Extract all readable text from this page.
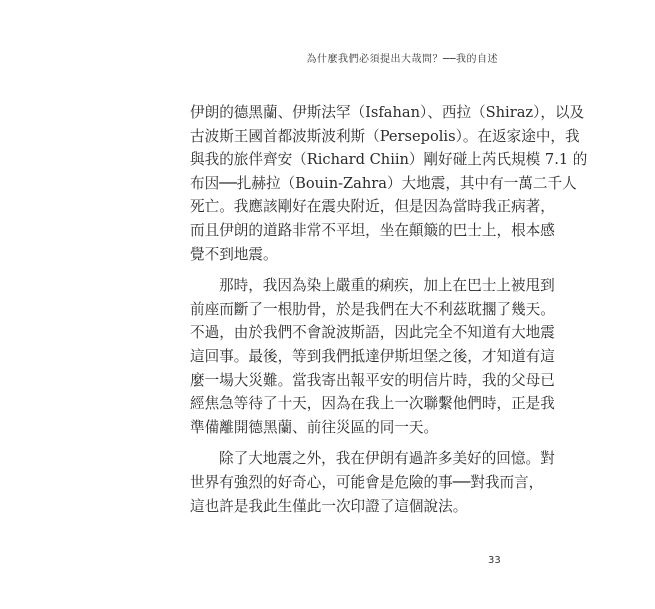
為什麼我們必須提出大哉問？──我的自述
伊朗的德黑蘭、伊斯法罕（Isfahan）、西拉（Shiraz），以及
古波斯王國首都波斯波利斯（Persepolis）。在返家途中，我
與我的旅伴齊安（Richard Chiin）剛好碰上芮氏規模 7.1 的
布因──扎赫拉（Bouin-Zahra）大地震，其中有一萬二千人
死亡。我應該剛好在震央附近，但是因為當時我正病著，
而且伊朗的道路非常不平坦，坐在顛簸的巴士上，根本感
覺不到地震。
那時，我因為染上嚴重的痢疾，加上在巴士上被甩到
前座而斷了一根肋骨，於是我們在大不利茲耽擱了幾天。
不過，由於我們不會說波斯語，因此完全不知道有大地震
這回事。最後，等到我們抵達伊斯坦堡之後，才知道有這
麼一場大災難。當我寄出報平安的明信片時，我的父母已
經焦急等待了十天，因為在我上一次聯繫他們時，正是我
準備離開德黑蘭、前往災區的同一天。
除了大地震之外，我在伊朗有過許多美好的回憶。對
世界有強烈的好奇心，可能會是危險的事──對我而言，
這也許是我此生僅此一次印證了這個說法。
33
